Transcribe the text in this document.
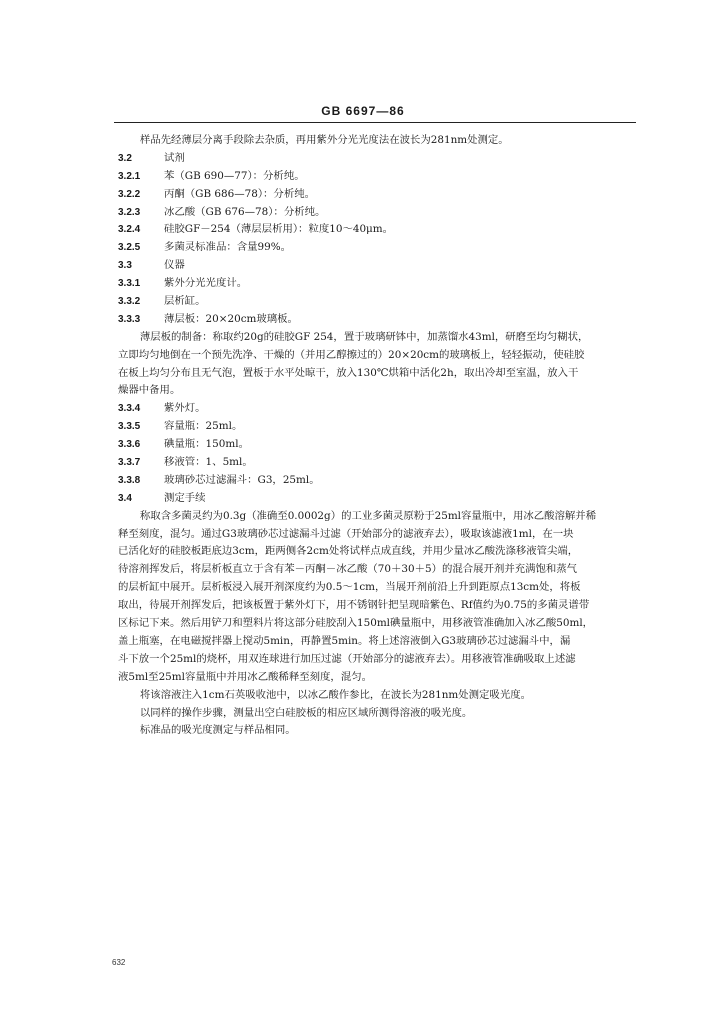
GB 6697—86
样品先经薄层分离手段除去杂质，再用紫外分光光度法在波长为281nm处测定。
3.2	试剂
3.2.1 苯（GB 690—77）：分析纯。
3.2.2 丙酮（GB 686—78）：分析纯。
3.2.3 冰乙酸（GB 676—78）：分析纯。
3.2.4 硅胶GF－254（薄层层析用）：粒度10～40μm。
3.2.5 多菌灵标准品：含量99%。
3.3	仪器
3.3.1 紫外分光光度计。
3.3.2 层析缸。
3.3.3 薄层板：20×20cm玻璃板。
薄层板的制备：称取约20g的硅胶GF 254，置于玻璃研钵中，加蒸馏水43ml，研磨至均匀糊状，
立即均匀地倒在一个预先洗净、干燥的（并用乙醇擦过的）20×20cm的玻璃板上，轻轻振动，使硅胶
在板上均匀分布且无气泡，置板于水平处晾干，放入130℃烘箱中活化2h，取出冷却至室温，放入干
燥器中备用。
3.3.4 紫外灯。
3.3.5 容量瓶：25ml。
3.3.6 碘量瓶：150ml。
3.3.7 移液管：1、5ml。
3.3.8 玻璃砂芯过滤漏斗：G3，25ml。
3.4	测定手续
称取含多菌灵约为0.3g（准确至0.0002g）的工业多菌灵原粉于25ml容量瓶中，用冰乙酸溶解并稀
释至刻度，混匀。通过G3玻璃砂芯过滤漏斗过滤（开始部分的滤液弃去），吸取该滤液1ml，在一块
已活化好的硅胶板距底边3cm，距两侧各2cm处将试样点成直线，并用少量冰乙酸洗涤移液管尖端，
待溶剂挥发后，将层析板直立于含有苯－丙酮－冰乙酸（70＋30＋5）的混合展开剂并充满饱和蒸气
的层析缸中展开。层析板浸入展开剂深度约为0.5～1cm，当展开剂前沿上升到距原点13cm处，将板
取出，待展开剂挥发后，把该板置于紫外灯下，用不锈钢针把呈现暗紫色、Rf值约为0.75的多菌灵谱带
区标记下来。然后用铲刀和塑料片将这部分硅胶刮入150ml碘量瓶中，用移液管准确加入冰乙酸50ml，
盖上瓶塞，在电磁搅拌器上搅动5min，再静置5min。将上述溶液倒入G3玻璃砂芯过滤漏斗中，漏
斗下放一个25ml的烧杯，用双连球进行加压过滤（开始部分的滤液弃去）。用移液管准确吸取上述滤
液5ml至25ml容量瓶中并用冰乙酸稀释至刻度，混匀。
将该溶液注入1cm石英吸收池中，以冰乙酸作参比，在波长为281nm处测定吸光度。
以同样的操作步骤，测量出空白硅胶板的相应区域所测得溶液的吸光度。
标准品的吸光度测定与样品相同。
632
